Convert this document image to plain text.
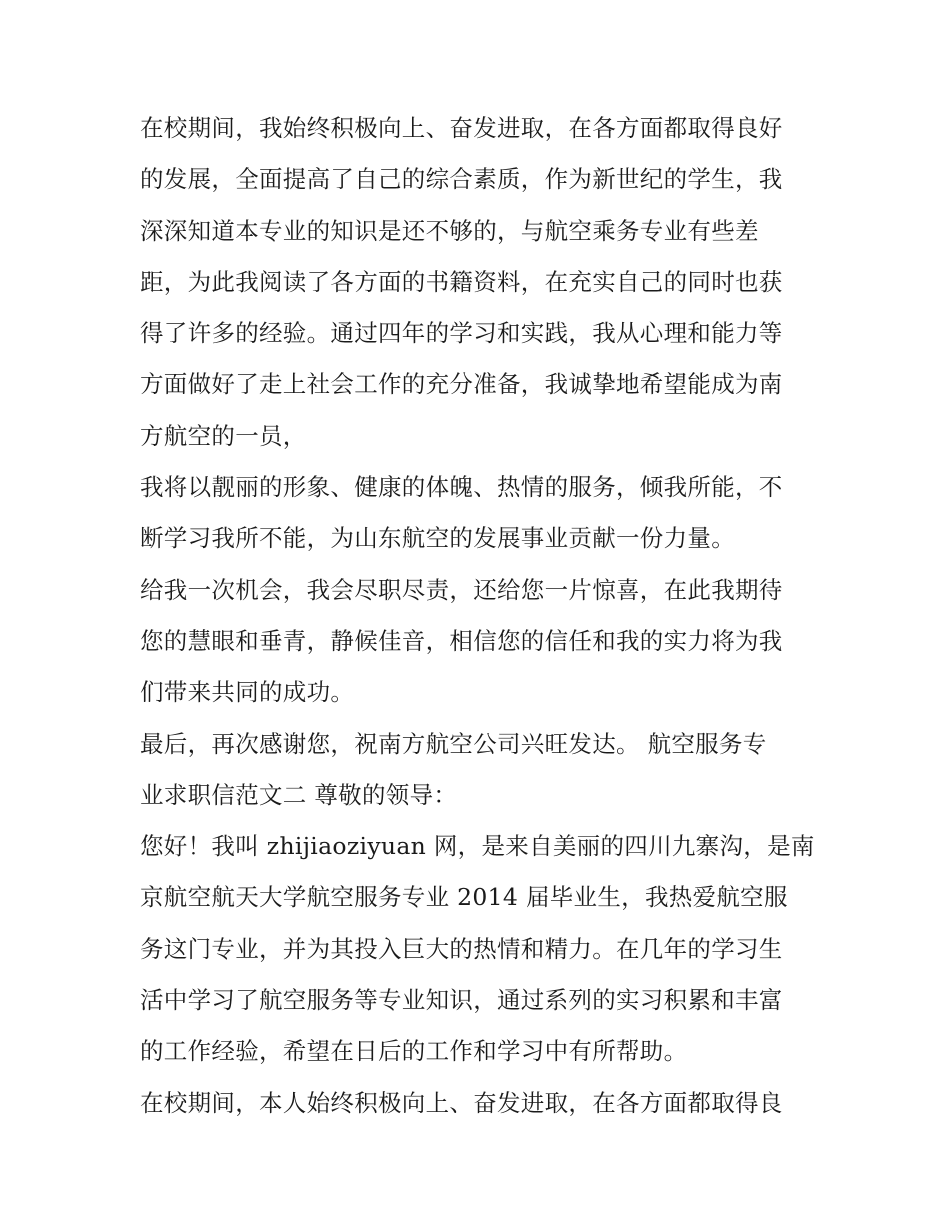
在校期间，我始终积极向上、奋发进取，在各方面都取得良好
的发展，全面提高了自己的综合素质，作为新世纪的学生，我
深深知道本专业的知识是还不够的，与航空乘务专业有些差
距，为此我阅读了各方面的书籍资料，在充实自己的同时也获
得了许多的经验。通过四年的学习和实践，我从心理和能力等
方面做好了走上社会工作的充分准备，我诚挚地希望能成为南
方航空的一员，
我将以靓丽的形象、健康的体魄、热情的服务，倾我所能，不
断学习我所不能，为山东航空的发展事业贡献一份力量。
给我一次机会，我会尽职尽责，还给您一片惊喜，在此我期待
您的慧眼和垂青，静候佳音，相信您的信任和我的实力将为我
们带来共同的成功。
最后，再次感谢您，祝南方航空公司兴旺发达。 航空服务专
业求职信范文二 尊敬的领导：
您好！我叫 zhijiaoziyuan 网，是来自美丽的四川九寨沟，是南
京航空航天大学航空服务专业 2014 届毕业生，我热爱航空服
务这门专业，并为其投入巨大的热情和精力。在几年的学习生
活中学习了航空服务等专业知识，通过系列的实习积累和丰富
的工作经验，希望在日后的工作和学习中有所帮助。
在校期间，本人始终积极向上、奋发进取，在各方面都取得良
